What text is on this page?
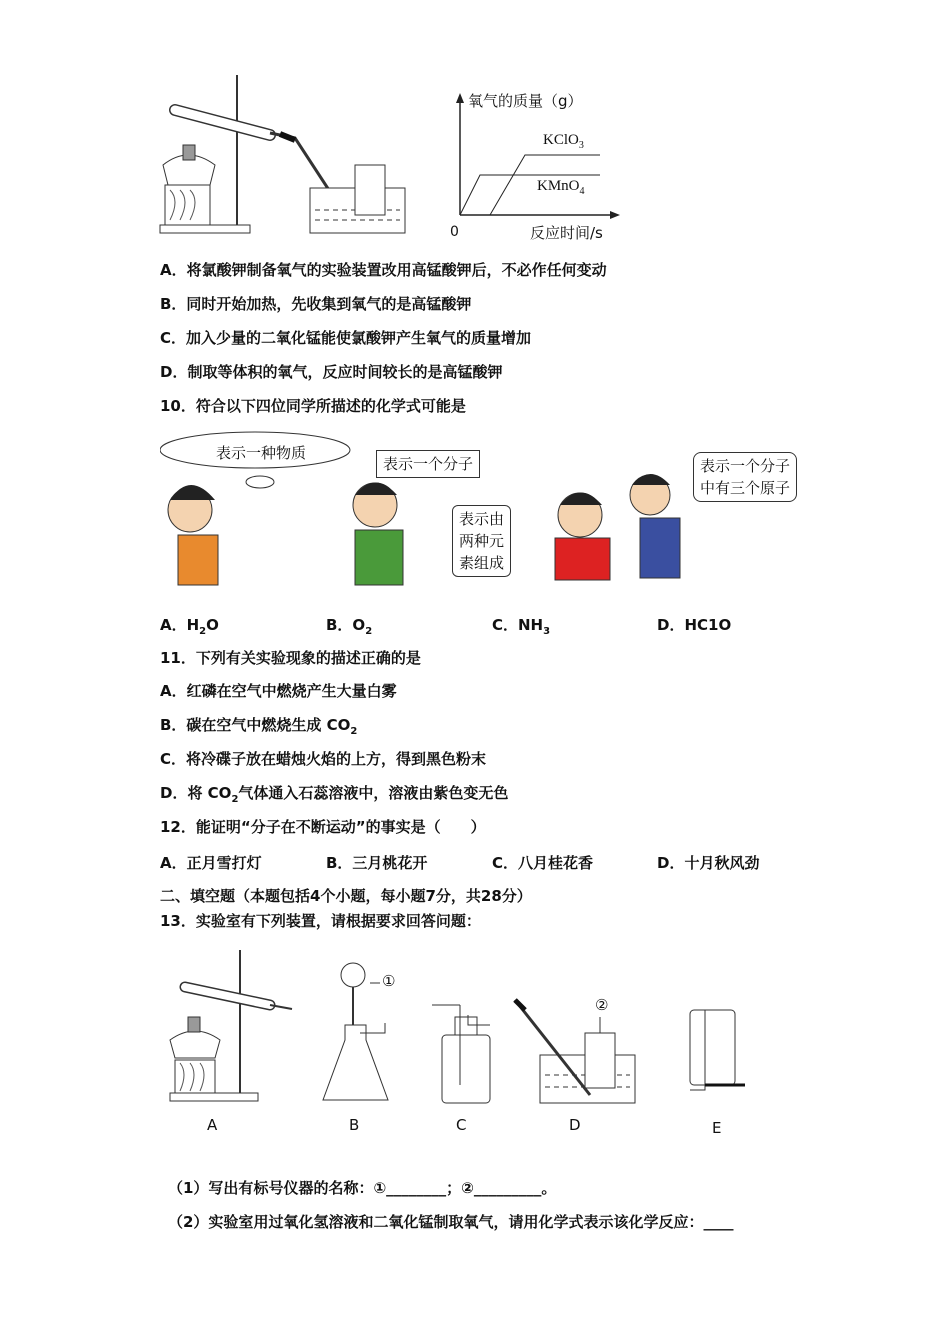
氧气的质量（g）
反应时间/s
0
KClO$_3$
KMnO$_4$
A．将氯酸钾制备氧气的实验装置改用高锰酸钾后，不必作任何变动
B．同时开始加热，先收集到氧气的是高锰酸钾
C．加入少量的二氧化锰能使氯酸钾产生氧气的质量增加
D．制取等体积的氧气，反应时间较长的是高锰酸钾
10．符合以下四位同学所描述的化学式可能是
表示一种物质
表示一个分子
表示由
两种元
素组成
表示一个分子
中有三个原子
A．$H_2O$	B．$O_2$	C．$NH_3$	D．HC1O
11．下列有关实验现象的描述正确的是
A．红磷在空气中燃烧产生大量白雾
B．碳在空气中燃烧生成 $CO_2$
C．将冷碟子放在蜡烛火焰的上方，得到黑色粉末
D．将 $CO_2$气体通入石蕊溶液中，溶液由紫色变无色
12．能证明“分子在不断运动”的事实是（　　）
A．正月雪打灯	B．三月桃花开	C．八月桂花香	D．十月秋风劲
二、填空题（本题包括4个小题，每小题7分，共28分）
13．实验室有下列装置，请根据要求回答问题：
①
②
A	B	C	D	E
（1）写出有标号仪器的名称：①________；②_________。
（2）实验室用过氧化氢溶液和二氧化锰制取氧气，请用化学式表示该化学反应：____
